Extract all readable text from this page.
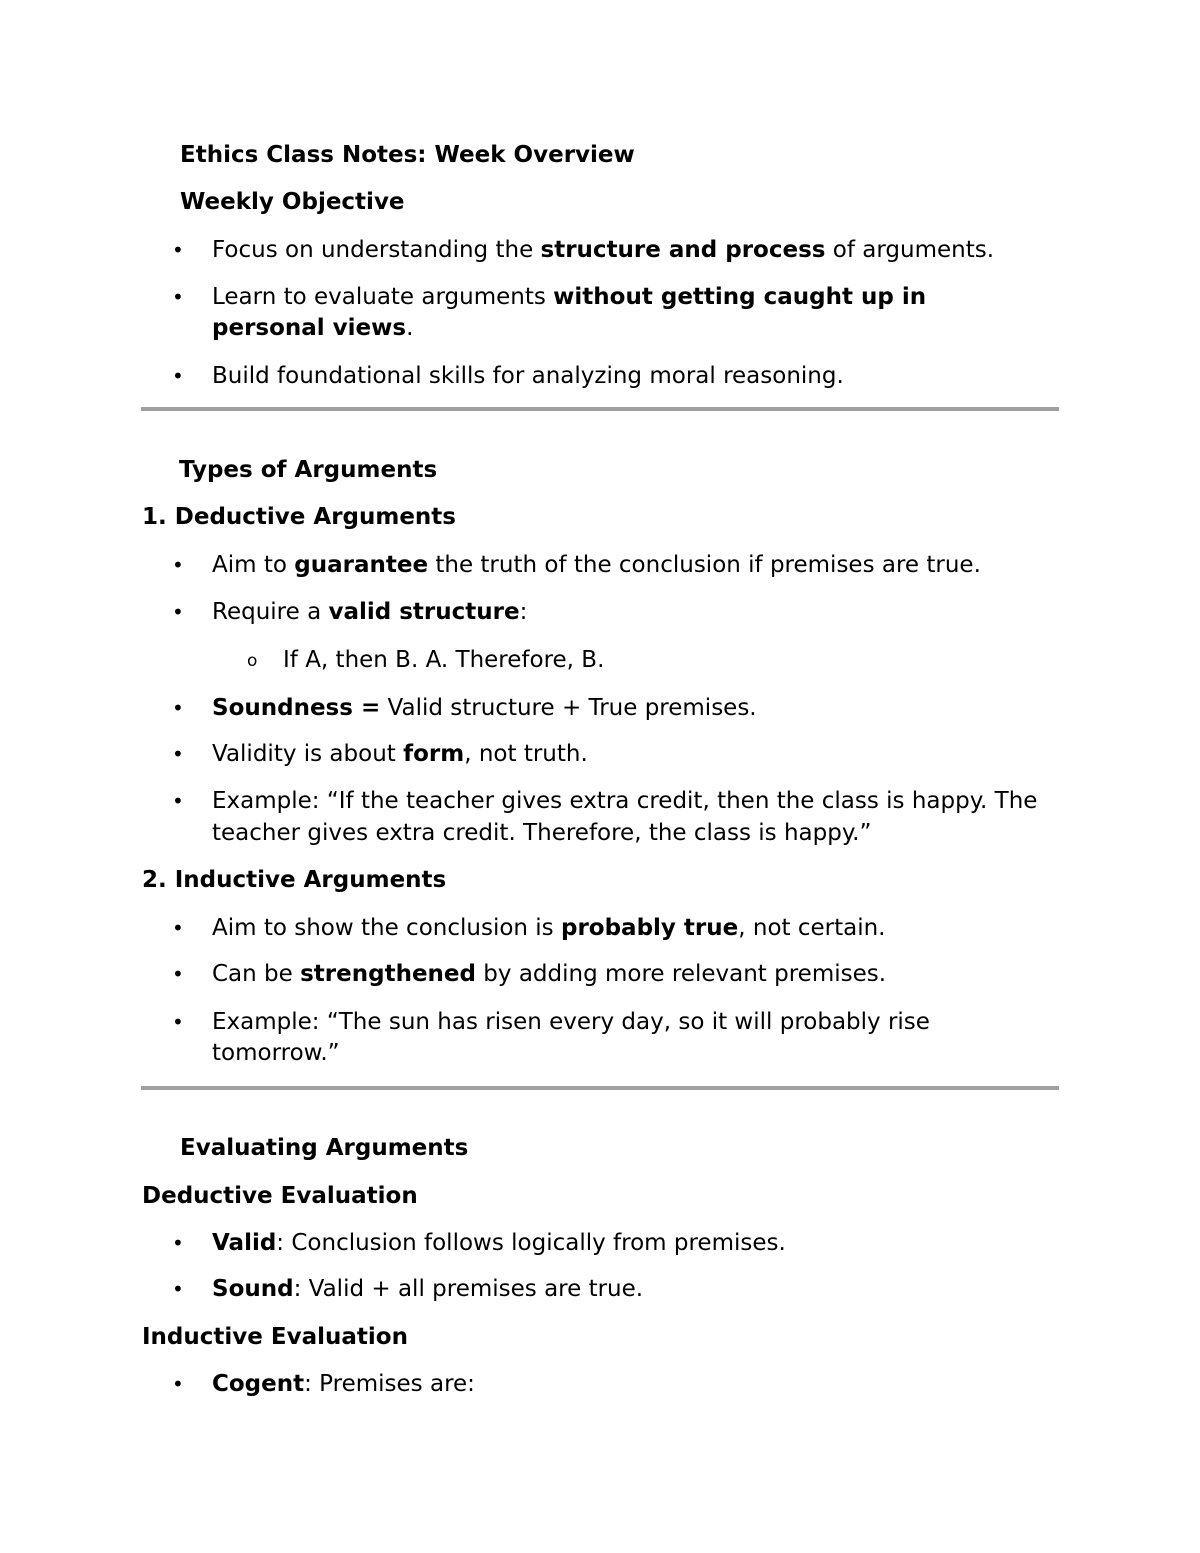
Ethics Class Notes: Week Overview
Weekly Objective
• Focus on understanding the structure and process of arguments.
• Learn to evaluate arguments without getting caught up in
personal views.
• Build foundational skills for analyzing moral reasoning.
Types of Arguments
1. Deductive Arguments
• Aim to guarantee the truth of the conclusion if premises are true.
• Require a valid structure:
o If A, then B. A. Therefore, B.
• Soundness = Valid structure + True premises.
• Validity is about form, not truth.
• Example: “If the teacher gives extra credit, then the class is happy. The
teacher gives extra credit. Therefore, the class is happy.”
2. Inductive Arguments
• Aim to show the conclusion is probably true, not certain.
• Can be strengthened by adding more relevant premises.
• Example: “The sun has risen every day, so it will probably rise
tomorrow.”
Evaluating Arguments
Deductive Evaluation
• Valid: Conclusion follows logically from premises.
• Sound: Valid + all premises are true.
Inductive Evaluation
• Cogent: Premises are:
